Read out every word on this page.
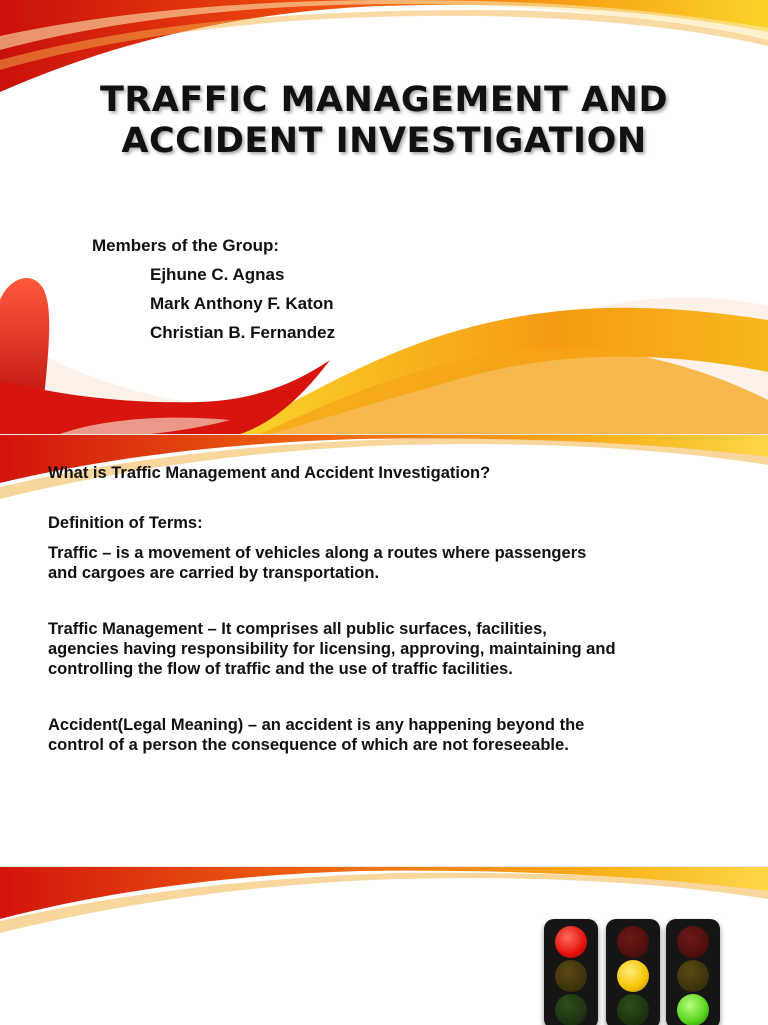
TRAFFIC MANAGEMENT AND
ACCIDENT INVESTIGATION
Members of the Group:
Ejhune C. Agnas
Mark Anthony F. Katon
Christian B. Fernandez

What is Traffic Management and Accident Investigation?

Definition of Terms:

Traffic – is a movement of vehicles along a routes where passengers
and cargoes are carried by transportation.

Traffic Management – It comprises all public surfaces, facilities,
agencies having responsibility for licensing, approving, maintaining and
controlling the flow of traffic and the use of traffic facilities.

Accident(Legal Meaning) – an accident is any happening beyond the
control of a person the consequence of which are not foreseeable.
